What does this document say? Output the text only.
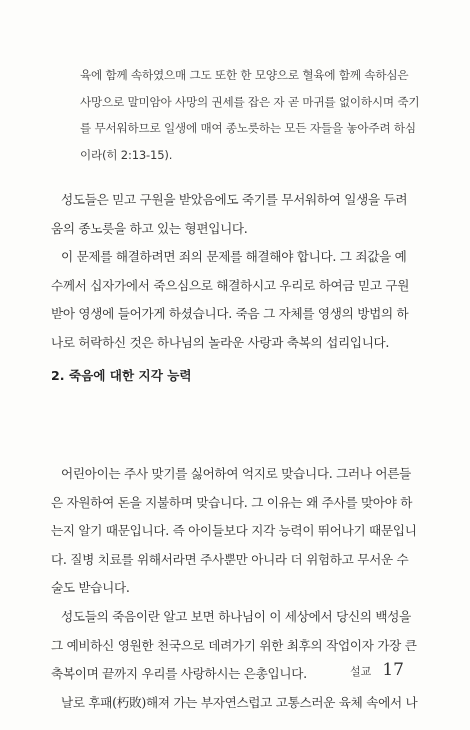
육에 함께 속하였으매 그도 또한 한 모양으로 혈육에 함께 속하심은
사망으로 말미암아 사망의 권세를 잡은 자 곧 마귀를 없이하시며 죽기
를 무서워하므로 일생에 매여 종노릇하는 모든 자들을 놓아주려 하심
이라(히 2:13-15).
성도들은 믿고 구원을 받았음에도 죽기를 무서워하여 일생을 두려
움의 종노릇을 하고 있는 형편입니다.
이 문제를 해결하려면 죄의 문제를 해결해야 합니다. 그 죄값을 예
수께서 십자가에서 죽으심으로 해결하시고 우리로 하여금 믿고 구원
받아 영생에 들어가게 하셨습니다. 죽음 그 자체를 영생의 방법의 하
나로 허락하신 것은 하나님의 놀라운 사랑과 축복의 섭리입니다.
2. 죽음에 대한 지각 능력
어린아이는 주사 맞기를 싫어하여 억지로 맞습니다. 그러나 어른들
은 자원하여 돈을 지불하며 맞습니다. 그 이유는 왜 주사를 맞아야 하
는지 알기 때문입니다. 즉 아이들보다 지각 능력이 뛰어나기 때문입니
다. 질병 치료를 위해서라면 주사뿐만 아니라 더 위험하고 무서운 수
술도 받습니다.
성도들의 죽음이란 알고 보면 하나님이 이 세상에서 당신의 백성을
그 예비하신 영원한 천국으로 데려가기 위한 최후의 작업이자 가장 큰
축복이며 끝까지 우리를 사랑하시는 은총입니다.
날로 후패(朽敗)해져 가는 부자연스럽고 고통스러운 육체 속에서 나
설교 17
